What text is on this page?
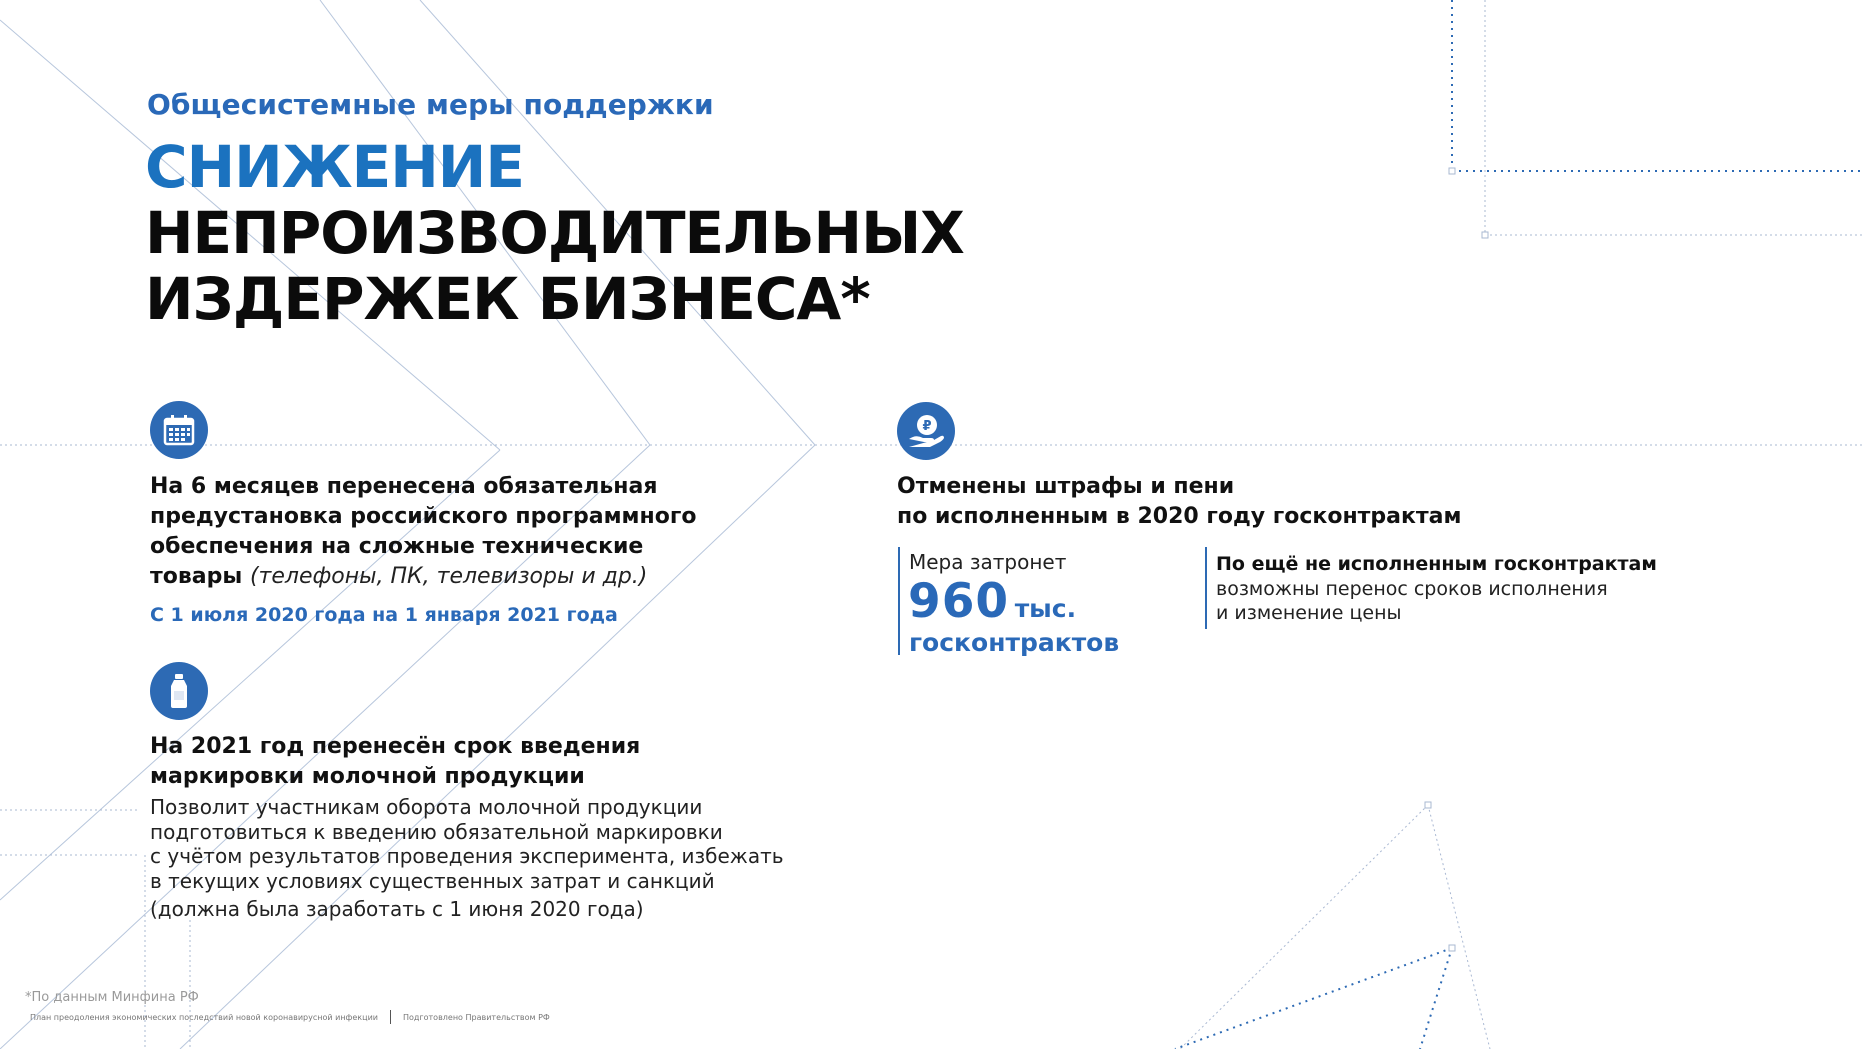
Общесистемные меры поддержки
СНИЖЕНИЕ
НЕПРОИЗВОДИТЕЛЬНЫХ
ИЗДЕРЖЕК БИЗНЕСА*
На 6 месяцев перенесена обязательная
предустановка российского программного
обеспечения на сложные технические
товары (телефоны, ПК, телевизоры и др.)
С 1 июля 2020 года на 1 января 2021 года
На 2021 год перенесён срок введения
маркировки молочной продукции
Позволит участникам оборота молочной продукции
подготовиться к введению обязательной маркировки
с учётом результатов проведения эксперимента, избежать
в текущих условиях существенных затрат и санкций
(должна была заработать с 1 июня 2020 года)
₽
Отменены штрафы и пени
по исполненным в 2020 году госконтрактам
Мера затронет
960 тыс.
госконтрактов
По ещё не исполненным госконтрактам
возможны перенос сроков исполнения
и изменение цены
*По данным Минфина РФ
План преодоления экономических последствий новой коронавирусной инфекции	Подготовлено Правительством РФ
